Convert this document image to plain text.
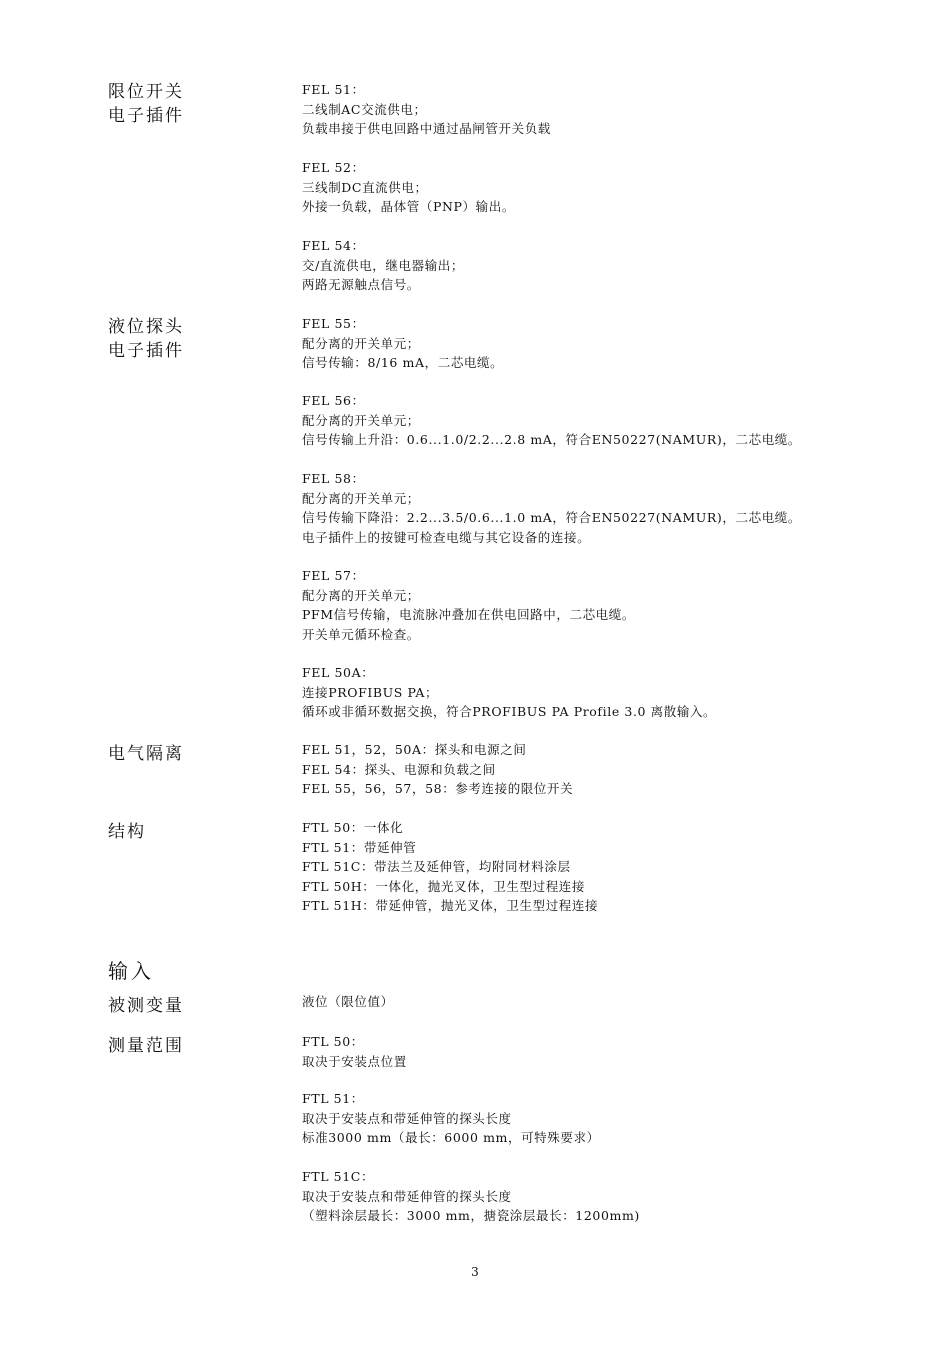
限位开关
电子插件
液位探头
电子插件
电气隔离
结构
FEL 51：
二线制AC交流供电；
负载串接于供电回路中通过晶闸管开关负载
FEL 52：
三线制DC直流供电；
外接一负载，晶体管（PNP）输出。
FEL 54：
交/直流供电，继电器输出；
两路无源触点信号。
FEL 55：
配分离的开关单元；
信号传输：8/16 mA，二芯电缆。
FEL 56：
配分离的开关单元；
信号传输上升沿：0.6...1.0/2.2...2.8 mA，符合EN50227(NAMUR)，二芯电缆。
FEL 58：
配分离的开关单元；
信号传输下降沿：2.2...3.5/0.6...1.0 mA，符合EN50227(NAMUR)，二芯电缆。
电子插件上的按键可检查电缆与其它设备的连接。
FEL 57：
配分离的开关单元；
PFM信号传输，电流脉冲叠加在供电回路中，二芯电缆。
开关单元循环检查。
FEL 50A：
连接PROFIBUS PA；
循环或非循环数据交换，符合PROFIBUS PA Profile 3.0 离散输入。
FEL 51，52，50A：探头和电源之间
FEL 54：探头、电源和负载之间
FEL 55，56，57，58：参考连接的限位开关
FTL 50：一体化
FTL 51：带延伸管
FTL 51C：带法兰及延伸管，均附同材料涂层
FTL 50H：一体化，抛光叉体，卫生型过程连接
FTL 51H：带延伸管，抛光叉体，卫生型过程连接
输入
被测变量	液位（限位值）
测量范围	FTL 50：
取决于安装点位置
FTL 51：
取决于安装点和带延伸管的探头长度
标准3000 mm（最长：6000 mm，可特殊要求）
FTL 51C：
取决于安装点和带延伸管的探头长度
（塑料涂层最长：3000 mm，搪瓷涂层最长：1200mm)
3
